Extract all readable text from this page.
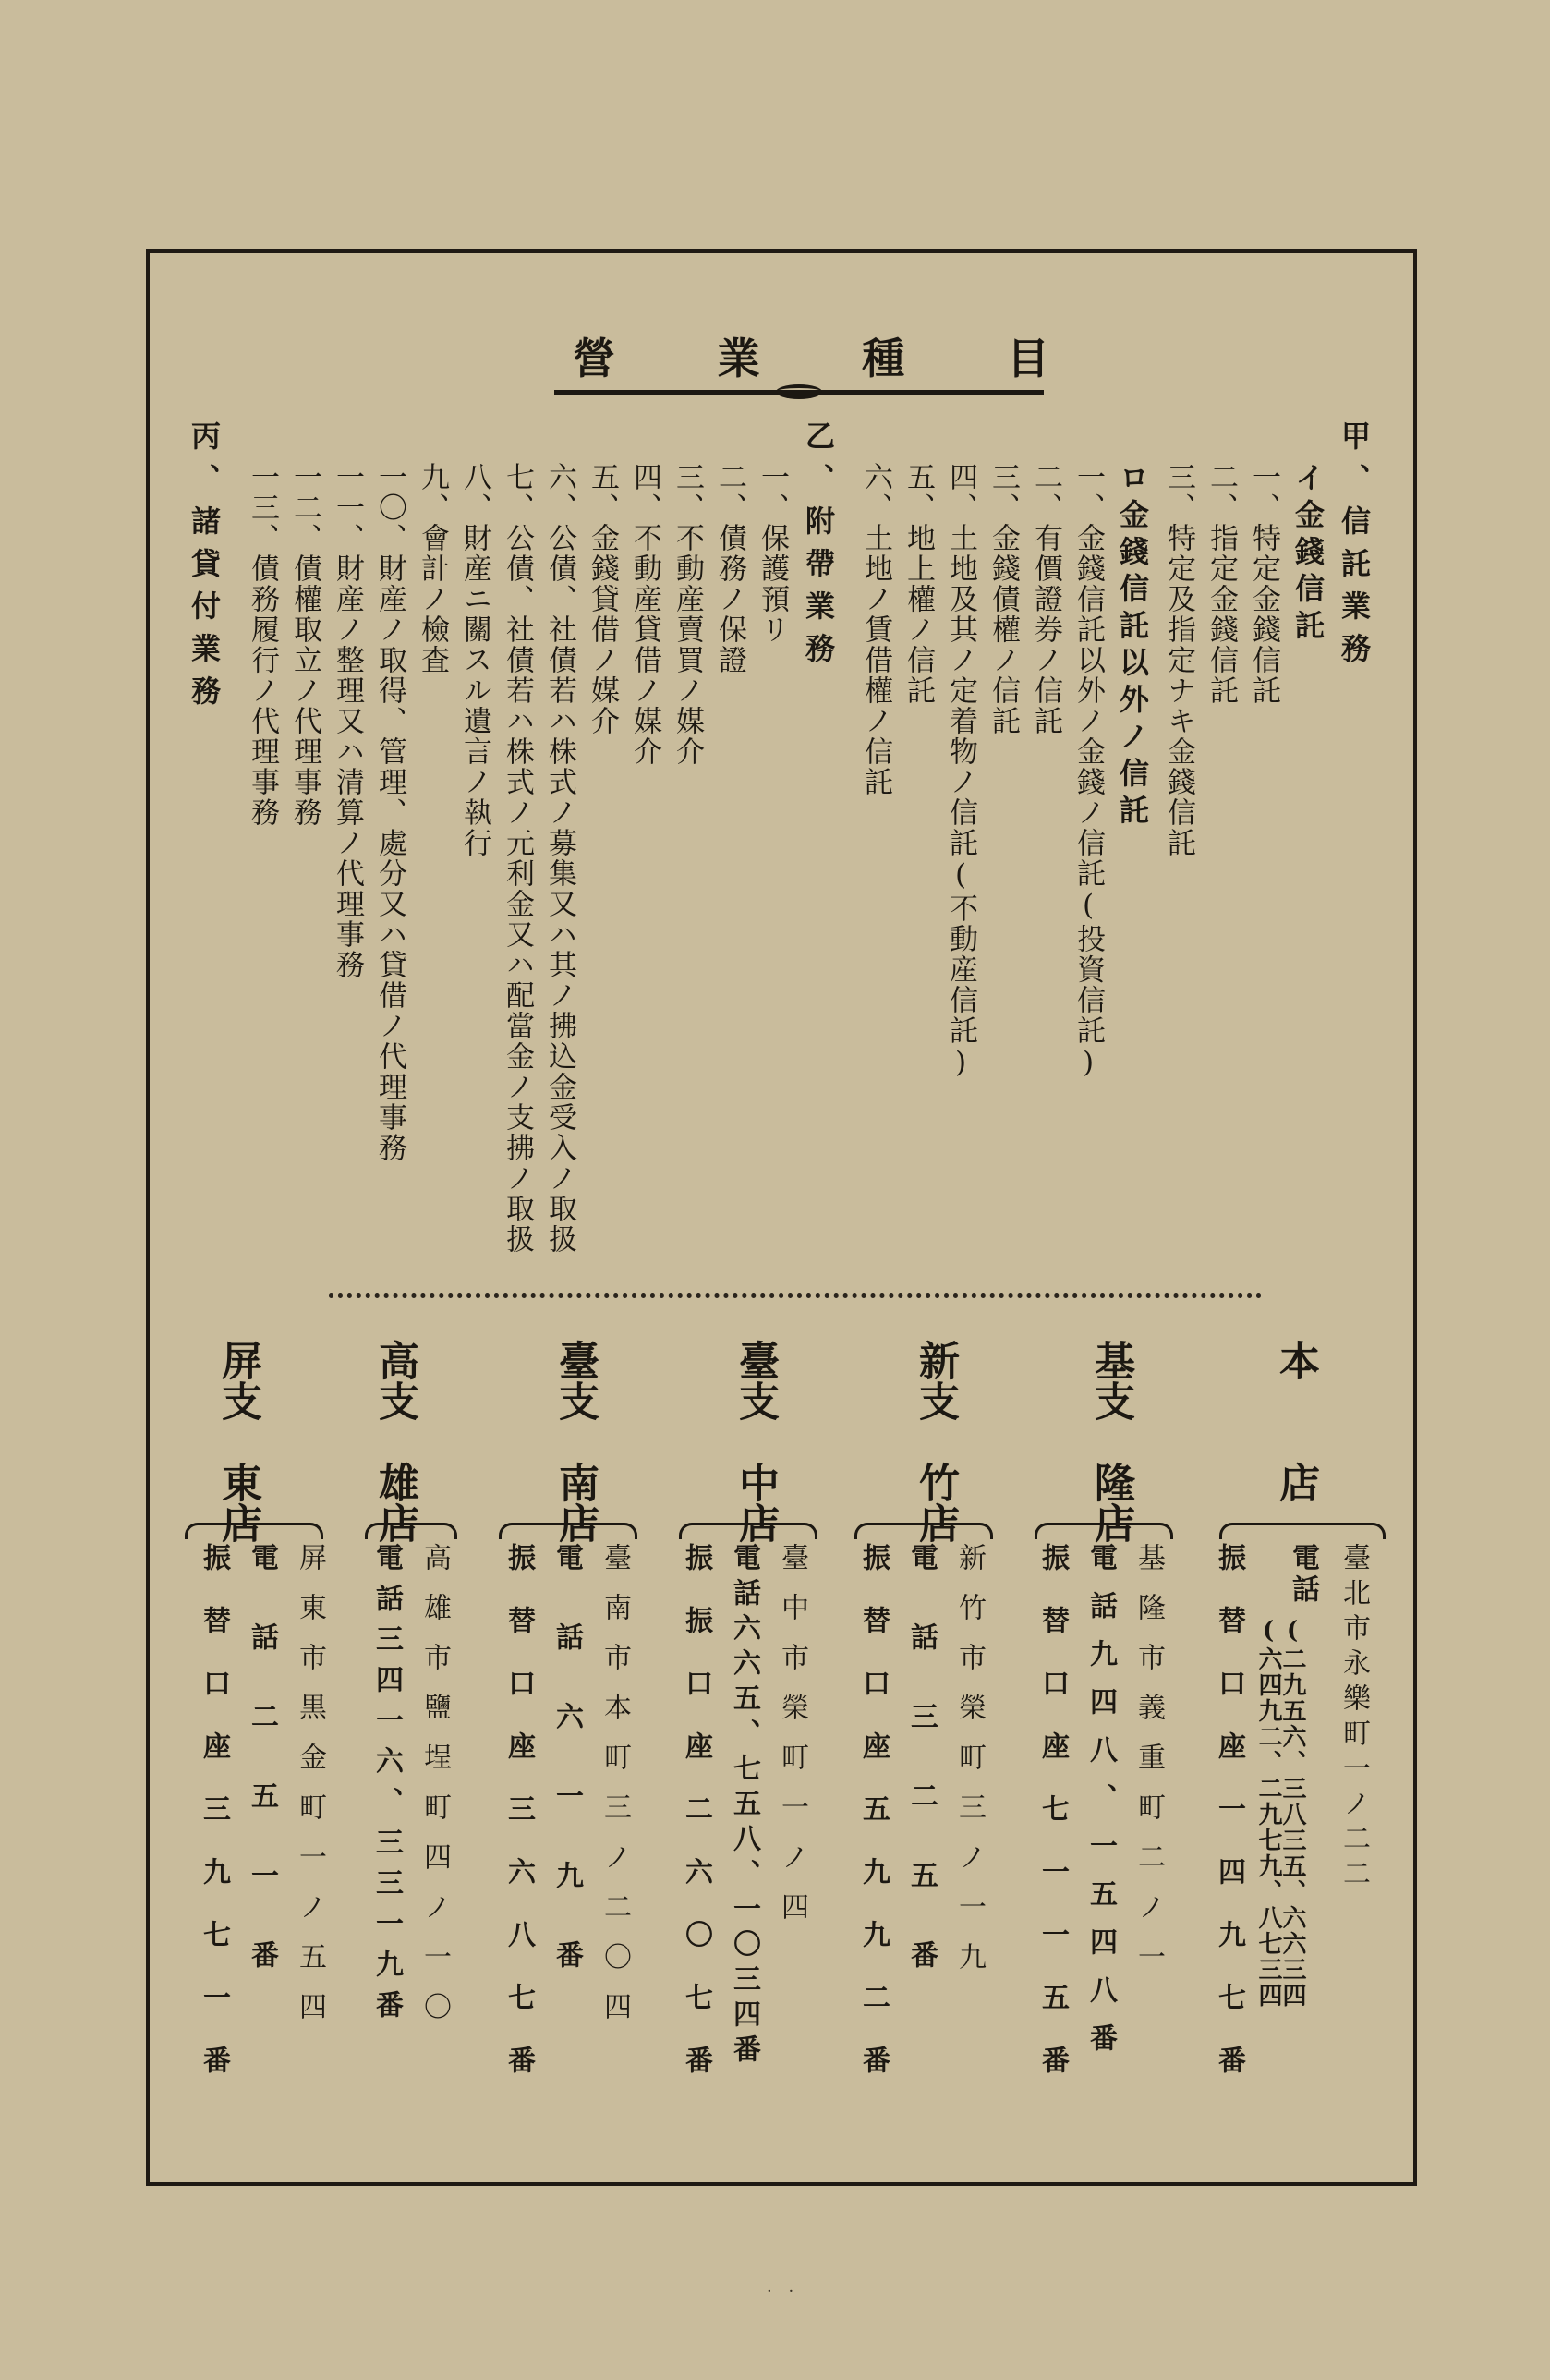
營 業 種 目
甲、信託業務
イ金錢信託
一、特定金錢信託
二、指定金錢信託
三、特定及指定ナキ金錢信託
ロ金錢信託以外ノ信託
一、金錢信託以外ノ金錢ノ信託(投資信託)
二、有價證券ノ信託
三、金錢債權ノ信託
四、土地及其ノ定着物ノ信託(不動産信託)
五、地上權ノ信託
六、土地ノ賃借權ノ信託
乙、附帶業務
一、保護預リ
二、債務ノ保證
三、不動産賣買ノ媒介
四、不動産貸借ノ媒介
五、金錢貸借ノ媒介
六、公債、社債若ハ株式ノ募集又ハ其ノ拂込金受入ノ取扱
七、公債、社債若ハ株式ノ元利金又ハ配當金ノ支拂ノ取扱
八、財産ニ關スル遺言ノ執行
九、會計ノ檢査
一〇、財産ノ取得、管理、處分又ハ貸借ノ代理事務
一一、財産ノ整理又ハ清算ノ代理事務
一二、債權取立ノ代理事務
一三、債務履行ノ代理事務
丙、諸貸付業務
本
店
臺北市永樂町一ノ二二
電話
(二九五六、三八三五、六六三四
(六四九二、二九七九、八七三四
振替口座一四九七番
基支
隆店
基隆市義重町二ノ一
電話九四八、一五四八番
振替口座七一一五番
新支
竹店
新竹市榮町三ノ一九
電話三二五番
振替口座五九九二番
臺支
中店
臺中市榮町一ノ四
電話六六五、七五八、一〇三四番
振振口座二六〇七番
臺支
南店
臺南市本町三ノ二〇四
電話六一九番
振替口座三六八七番
高支
雄店
高雄市鹽埕町四ノ一〇
電話三四一六、三三一九番
屏支
東店
屏東市黒金町一ノ五四
電話二五一番
振替口座三九七一番
· ·
